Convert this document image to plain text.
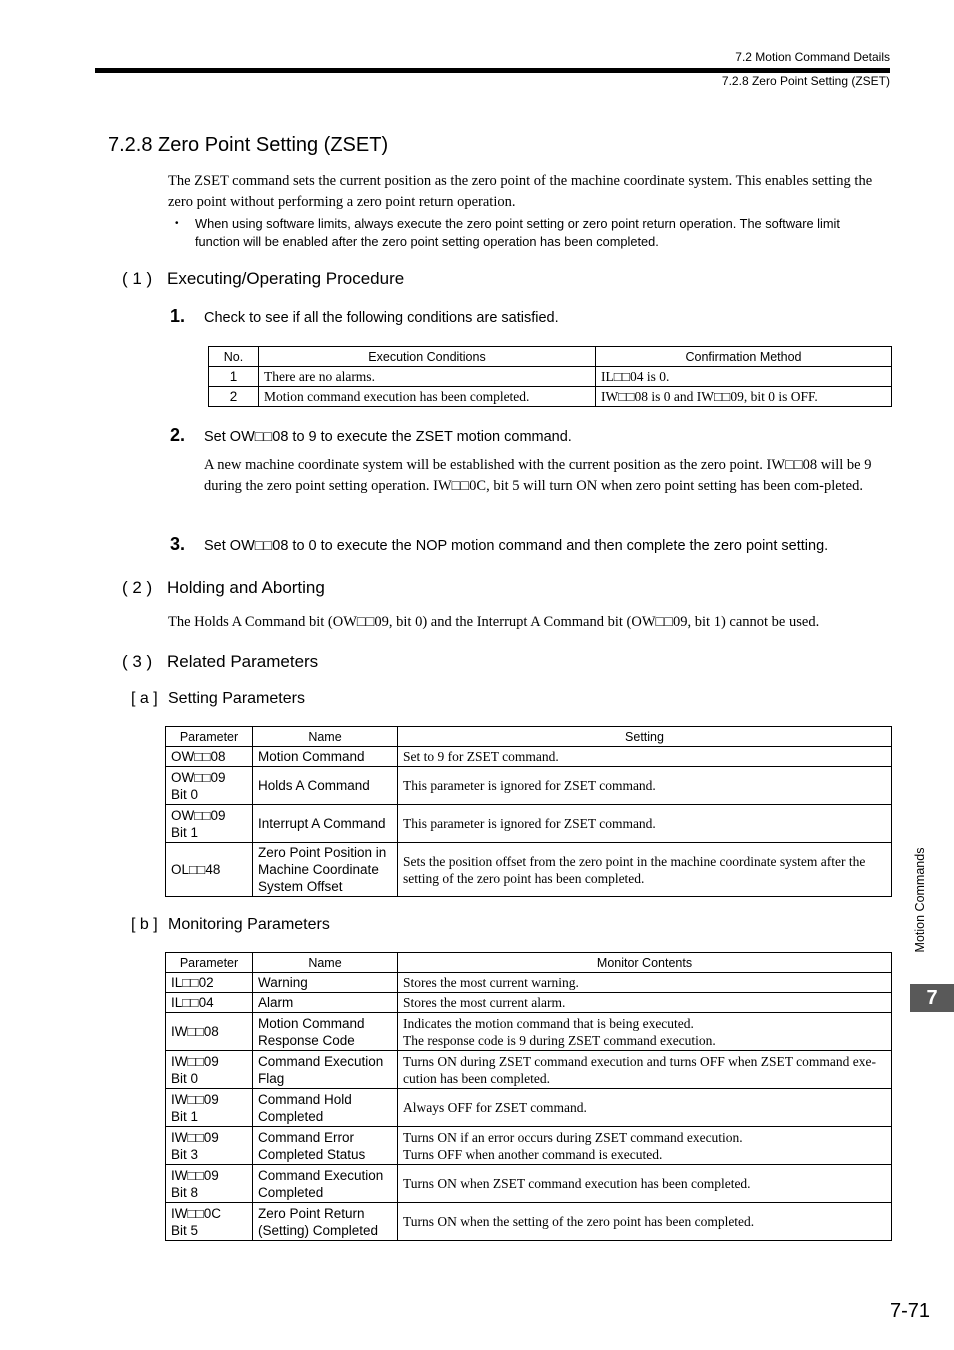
7.2 Motion Command Details
7.2.8 Zero Point Setting (ZSET)
7.2.8 Zero Point Setting (ZSET)
The ZSET command sets the current position as the zero point of the machine coordinate system. This enables setting the zero point without performing a zero point return operation.
• When using software limits, always execute the zero point setting or zero point return operation. The software limit function will be enabled after the zero point setting operation has been completed.
( 1 ) Executing/Operating Procedure
1. Check to see if all the following conditions are satisfied.
No.	Execution Conditions	Confirmation Method
1	There are no alarms.	IL□□04 is 0.
2	Motion command execution has been completed.	IW□□08 is 0 and IW□□09, bit 0 is OFF.
2. Set OW□□08 to 9 to execute the ZSET motion command.
A new machine coordinate system will be established with the current position as the zero point. IW□□08 will be 9 during the zero point setting operation. IW□□0C, bit 5 will turn ON when zero point setting has been com-pleted.
3. Set OW□□08 to 0 to execute the NOP motion command and then complete the zero point setting.
( 2 ) Holding and Aborting
The Holds A Command bit (OW□□09, bit 0) and the Interrupt A Command bit (OW□□09, bit 1) cannot be used.
( 3 ) Related Parameters
[ a ] Setting Parameters
Parameter	Name	Setting
OW□□08	Motion Command	Set to 9 for ZSET command.
OW□□09
Bit 0	Holds A Command	This parameter is ignored for ZSET command.
OW□□09
Bit 1	Interrupt A Command	This parameter is ignored for ZSET command.
OL□□48	Zero Point Position in Machine Coordinate System Offset	Sets the position offset from the zero point in the machine coordinate system after the setting of the zero point has been completed.
[ b ] Monitoring Parameters
Parameter	Name	Monitor Contents
IL□□02	Warning	Stores the most current warning.
IL□□04	Alarm	Stores the most current alarm.
IW□□08	Motion Command Response Code	Indicates the motion command that is being executed.
The response code is 9 during ZSET command execution.
IW□□09
Bit 0	Command Execution Flag	Turns ON during ZSET command execution and turns OFF when ZSET command exe-cution has been completed.
IW□□09
Bit 1	Command Hold Completed	Always OFF for ZSET command.
IW□□09
Bit 3	Command Error Completed Status	Turns ON if an error occurs during ZSET command execution.
Turns OFF when another command is executed.
IW□□09
Bit 8	Command Execution Completed	Turns ON when ZSET command execution has been completed.
IW□□0C
Bit 5	Zero Point Return (Setting) Completed	Turns ON when the setting of the zero point has been completed.
Motion Commands
7
7-71
